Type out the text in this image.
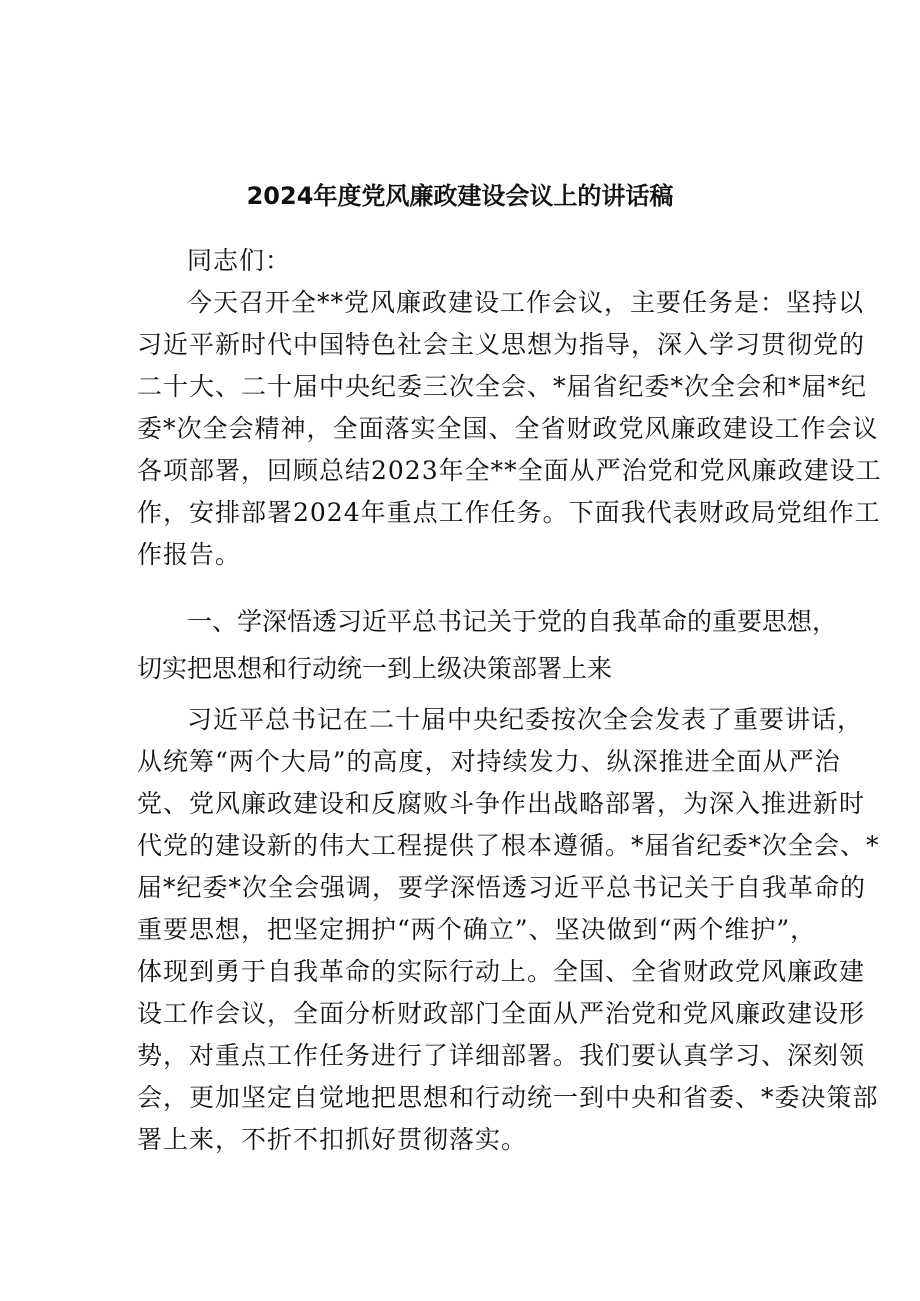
2024年度党风廉政建设会议上的讲话稿
同志们：
今天召开全**党风廉政建设工作会议，主要任务是：坚持以
习近平新时代中国特色社会主义思想为指导，深入学习贯彻党的
二十大、二十届中央纪委三次全会、*届省纪委*次全会和*届*纪
委*次全会精神，全面落实全国、全省财政党风廉政建设工作会议
各项部署，回顾总结2023年全**全面从严治党和党风廉政建设工
作，安排部署2024年重点工作任务。下面我代表财政局党组作工
作报告。
一、学深悟透习近平总书记关于党的自我革命的重要思想，
切实把思想和行动统一到上级决策部署上来
习近平总书记在二十届中央纪委按次全会发表了重要讲话，
从统筹“两个大局”的高度，对持续发力、纵深推进全面从严治
党、党风廉政建设和反腐败斗争作出战略部署，为深入推进新时
代党的建设新的伟大工程提供了根本遵循。*届省纪委*次全会、*
届*纪委*次全会强调，要学深悟透习近平总书记关于自我革命的
重要思想，把坚定拥护“两个确立”、坚决做到“两个维护”，
体现到勇于自我革命的实际行动上。全国、全省财政党风廉政建
设工作会议，全面分析财政部门全面从严治党和党风廉政建设形
势，对重点工作任务进行了详细部署。我们要认真学习、深刻领
会，更加坚定自觉地把思想和行动统一到中央和省委、*委决策部
署上来，不折不扣抓好贯彻落实。
